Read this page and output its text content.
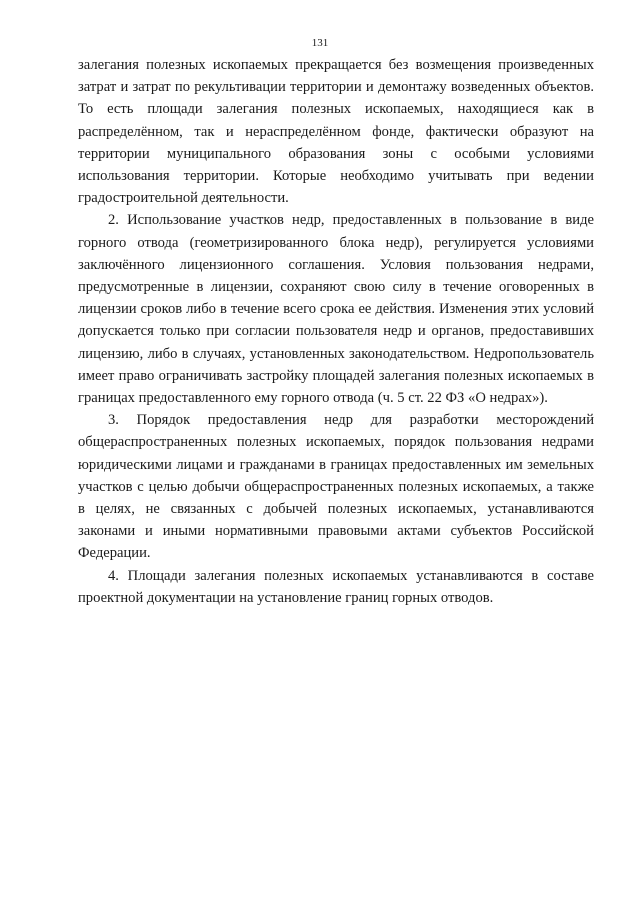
131

залегания полезных ископаемых прекращается без возмещения произведенных затрат и затрат по рекультивации территории и демонтажу возведенных объектов. То есть площади залегания полезных ископаемых, находящиеся как в распределённом, так и нераспределённом фонде, фактически образуют на территории муниципального образования зоны с особыми условиями использования территории. Которые необходимо учитывать при ведении градостроительной деятельности.

2. Использование участков недр, предоставленных в пользование в виде горного отвода (геометризированного блока недр), регулируется условиями заключённого лицензионного соглашения. Условия пользования недрами, предусмотренные в лицензии, сохраняют свою силу в течение оговоренных в лицензии сроков либо в течение всего срока ее действия. Изменения этих условий допускается только при согласии пользователя недр и органов, предоставивших лицензию, либо в случаях, установленных законодательством. Недропользователь имеет право ограничивать застройку площадей залегания полезных ископаемых в границах предоставленного ему горного отвода (ч. 5 ст. 22 ФЗ «О недрах»).

3. Порядок предоставления недр для разработки месторождений общераспространенных полезных ископаемых, порядок пользования недрами юридическими лицами и гражданами в границах предоставленных им земельных участков с целью добычи общераспространенных полезных ископаемых, а также в целях, не связанных с добычей полезных ископаемых, устанавливаются законами и иными нормативными правовыми актами субъектов Российской Федерации.

4. Площади залегания полезных ископаемых устанавливаются в составе проектной документации на установление границ горных отводов.
